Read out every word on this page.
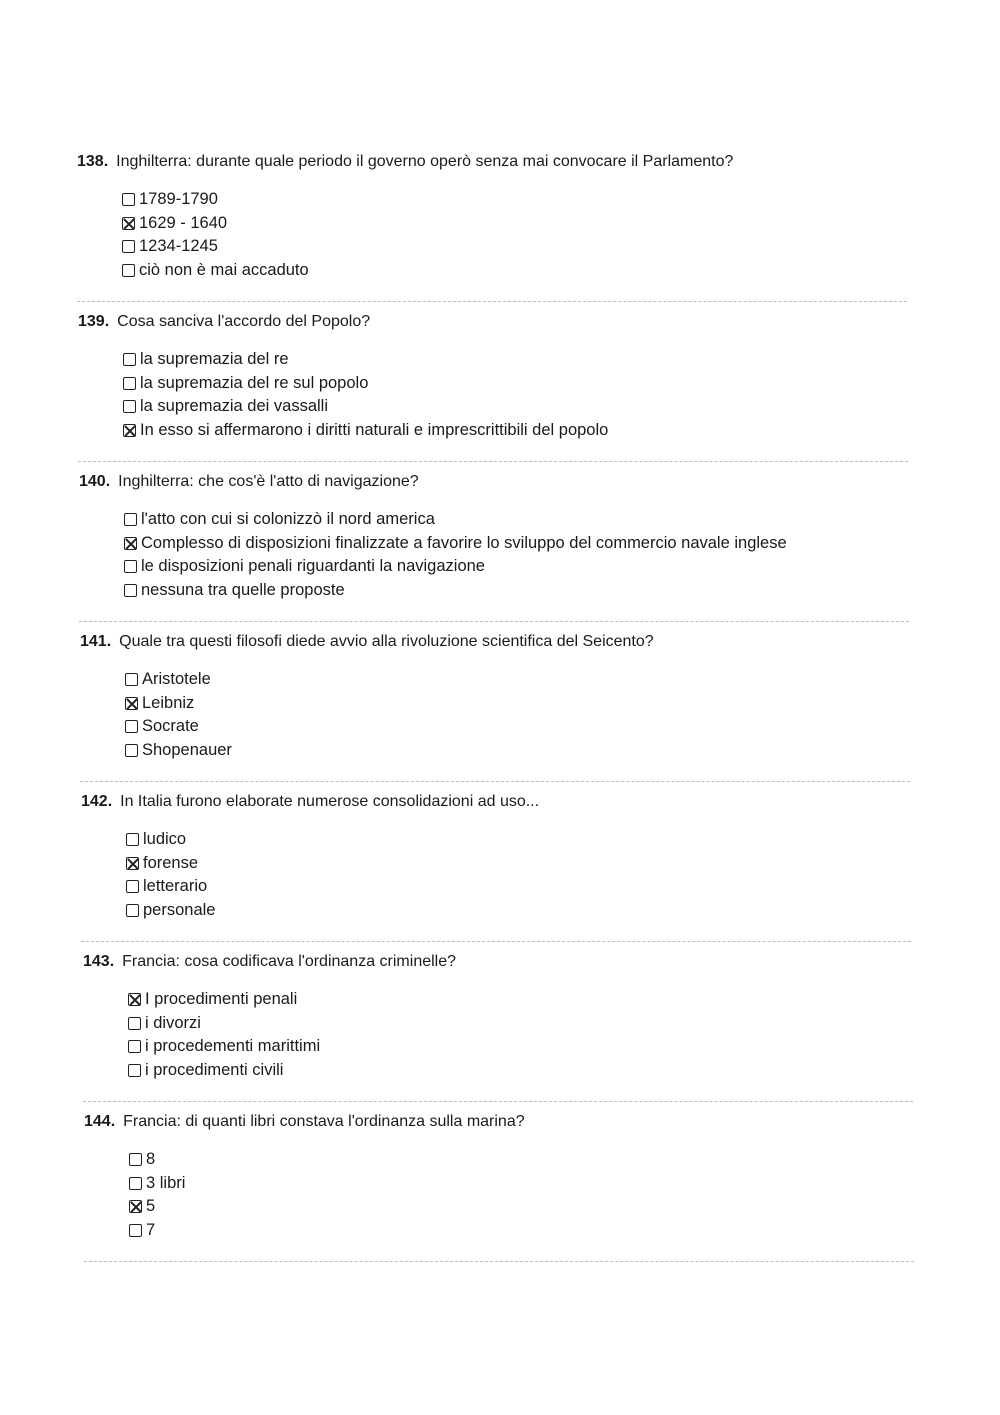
138. Inghilterra: durante quale periodo il governo operò senza mai convocare il Parlamento?
1789-1790
1629 - 1640
1234-1245
ciò non è mai accaduto
139. Cosa sanciva l'accordo del Popolo?
la supremazia del re
la supremazia del re sul popolo
la supremazia dei vassalli
In esso si affermarono i diritti naturali e imprescrittibili del popolo
140. Inghilterra: che cos'è l'atto di navigazione?
l'atto con cui si colonizzò il nord america
Complesso di disposizioni finalizzate a favorire lo sviluppo del commercio navale inglese
le disposizioni penali riguardanti la navigazione
nessuna tra quelle proposte
141. Quale tra questi filosofi diede avvio alla rivoluzione scientifica del Seicento?
Aristotele
Leibniz
Socrate
Shopenauer
142. In Italia furono elaborate numerose consolidazioni ad uso...
ludico
forense
letterario
personale
143. Francia: cosa codificava l'ordinanza criminelle?
I procedimenti penali
i divorzi
i procedementi marittimi
i procedimenti civili
144. Francia: di quanti libri constava l'ordinanza sulla marina?
8
3 libri
5
7
